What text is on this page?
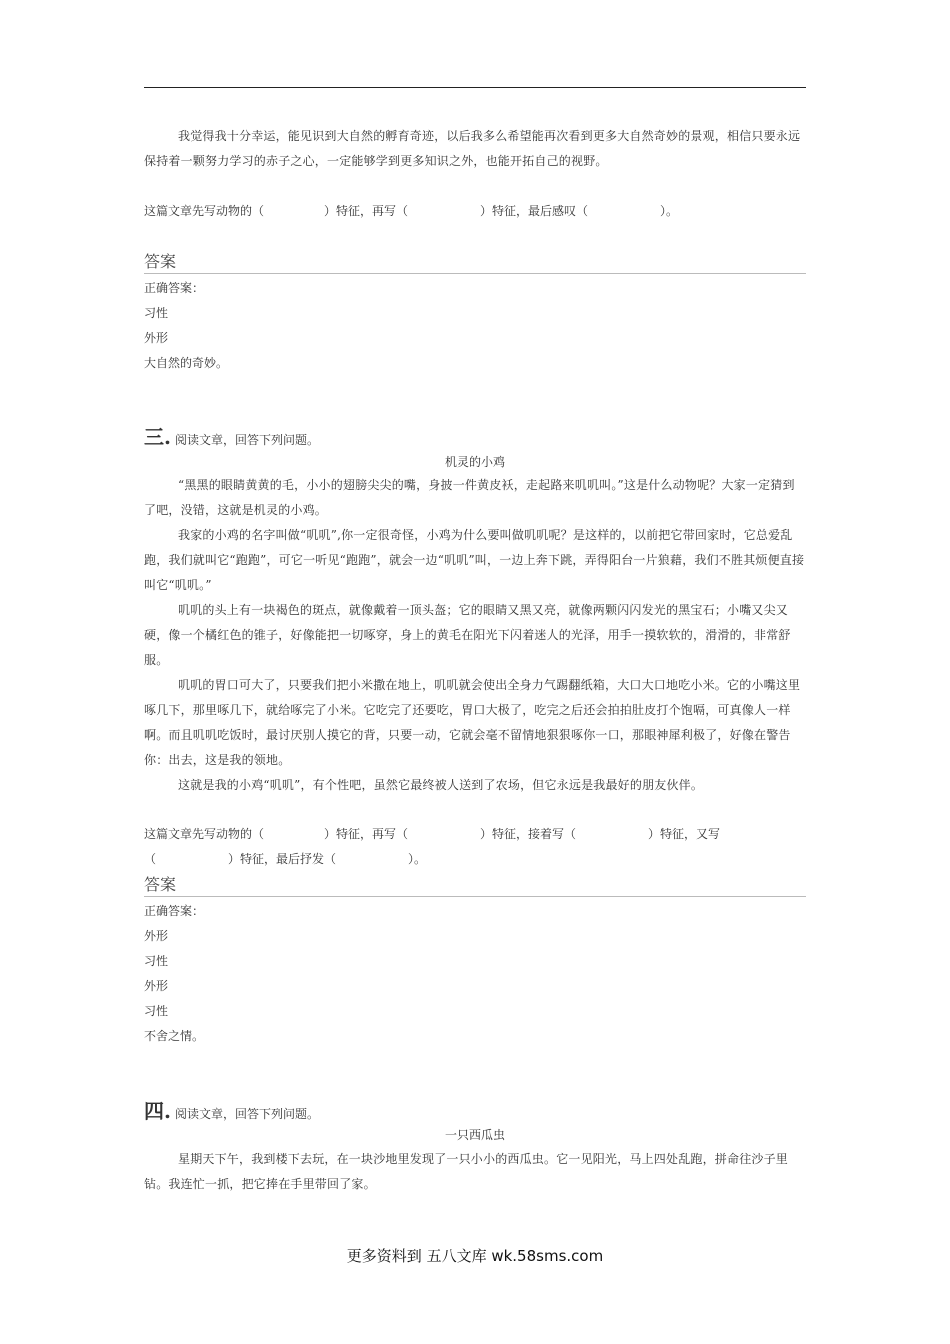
我觉得我十分幸运，能见识到大自然的孵育奇迹，以后我多么希望能再次看到更多大自然奇妙的景观，相信只要永远保持着一颗努力学习的赤子之心，一定能够学到更多知识之外，也能开拓自己的视野。

这篇文章先写动物的（	）特征，再写（	）特征，最后感叹（	）。
答案
正确答案：
习性
外形
大自然的奇妙。
三. 阅读文章，回答下列问题。
机灵的小鸡

“黑黑的眼睛黄黄的毛，小小的翅膀尖尖的嘴，身披一件黄皮袄，走起路来叽叽叫。”这是什么动物呢？大家一定猜到了吧，没错，这就是机灵的小鸡。

我家的小鸡的名字叫做“叽叽”,你一定很奇怪，小鸡为什么要叫做叽叽呢？是这样的，以前把它带回家时，它总爱乱跑，我们就叫它“跑跑”，可它一听见“跑跑”，就会一边“叽叽”叫，一边上奔下跳，弄得阳台一片狼藉，我们不胜其烦便直接叫它“叽叽。”

叽叽的头上有一块褐色的斑点，就像戴着一顶头盔；它的眼睛又黑又亮，就像两颗闪闪发光的黑宝石；小嘴又尖又硬，像一个橘红色的锥子，好像能把一切啄穿，身上的黄毛在阳光下闪着迷人的光泽，用手一摸软软的，滑滑的，非常舒服。

叽叽的胃口可大了，只要我们把小米撒在地上，叽叽就会使出全身力气踢翻纸箱，大口大口地吃小米。它的小嘴这里啄几下，那里啄几下，就给啄完了小米。它吃完了还要吃，胃口大极了，吃完之后还会拍拍肚皮打个饱嗝，可真像人一样啊。而且叽叽吃饭时，最讨厌别人摸它的背，只要一动，它就会毫不留情地狠狠啄你一口，那眼神犀利极了，好像在警告你：出去，这是我的领地。

这就是我的小鸡“叽叽”，有个性吧，虽然它最终被人送到了农场，但它永远是我最好的朋友伙伴。

这篇文章先写动物的（	）特征，再写（	）特征，接着写（	）特征，又写
（	）特征，最后抒发（	）。
答案
正确答案：
外形
习性
外形
习性
不舍之情。
四. 阅读文章，回答下列问题。
一只西瓜虫

星期天下午，我到楼下去玩，在一块沙地里发现了一只小小的西瓜虫。它一见阳光，马上四处乱跑，拼命往沙子里钻。我连忙一抓，把它捧在手里带回了家。

更多资料到 五八文库 wk.58sms.com
